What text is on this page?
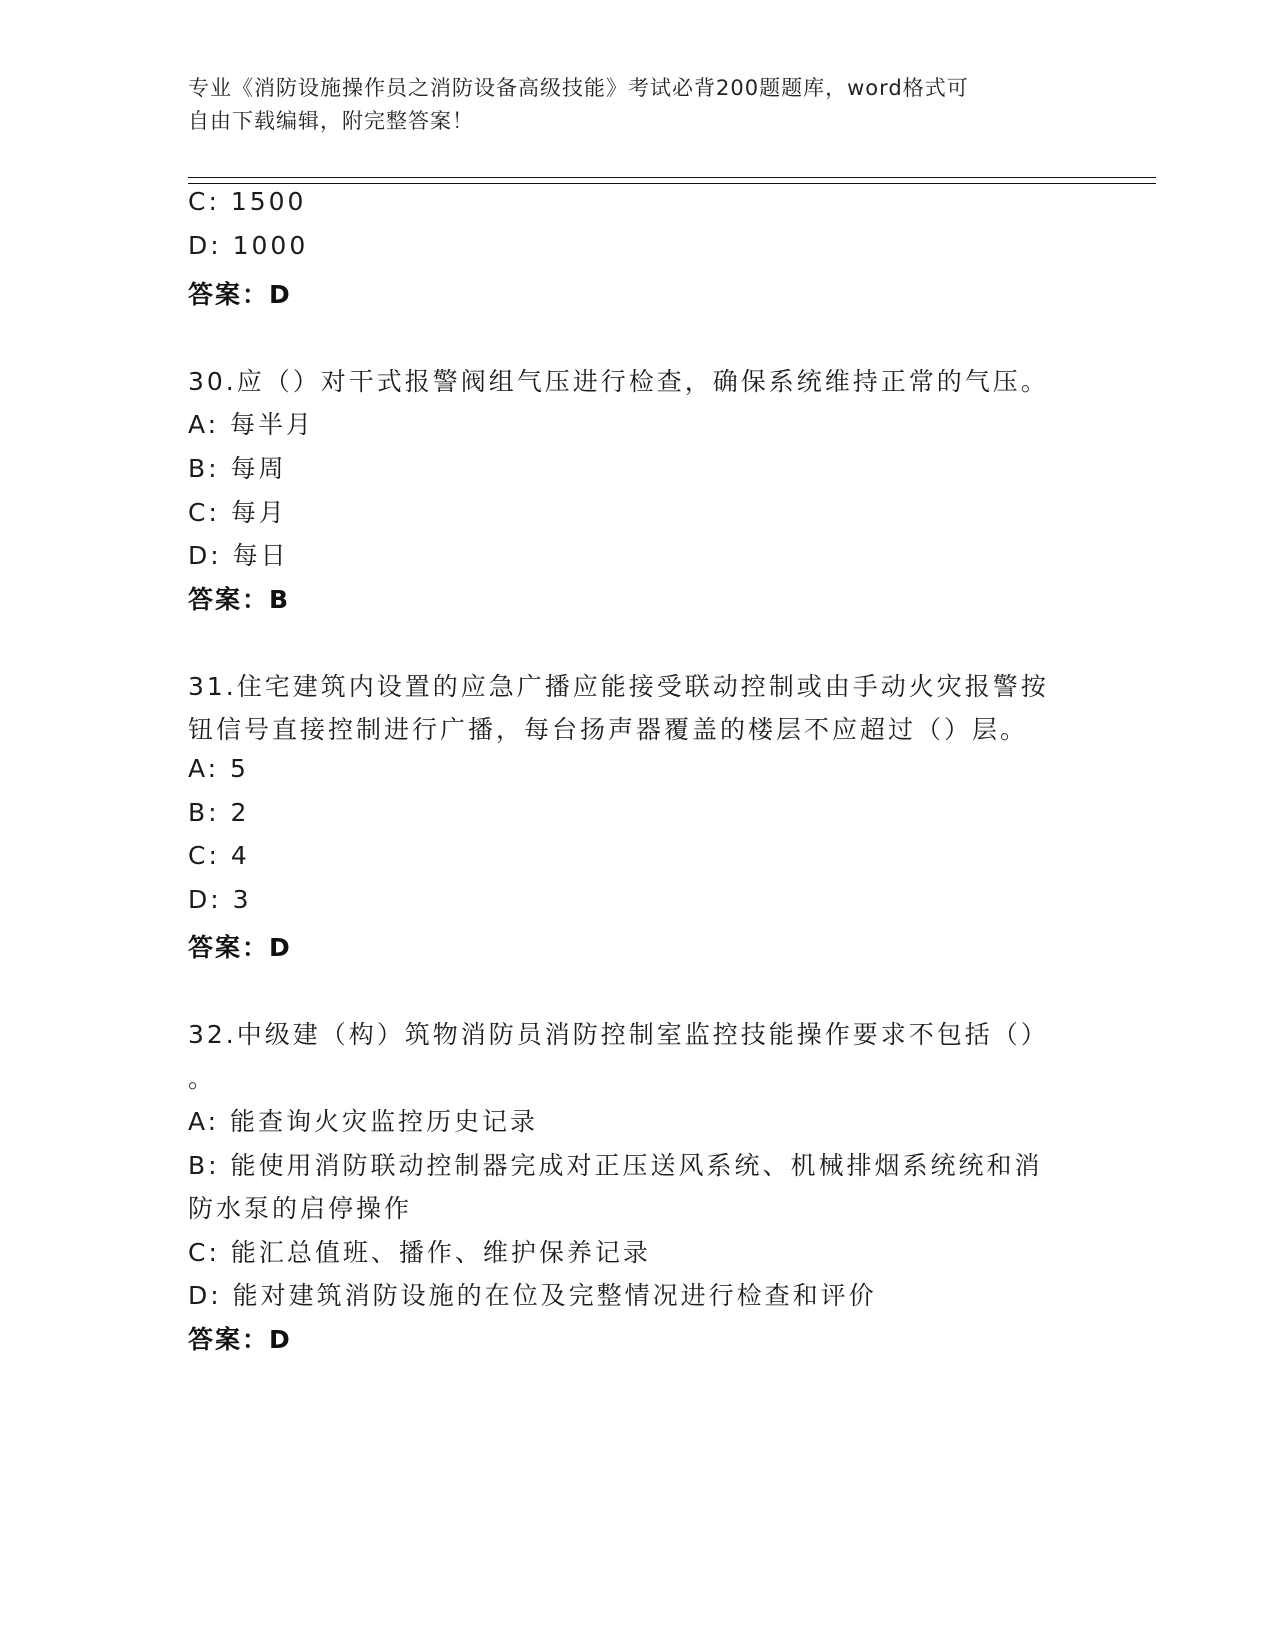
专业《消防设施操作员之消防设备高级技能》考试必背200题题库，word格式可
自由下载编辑，附完整答案！
C: 1500
D: 1000
答案：D
30.应（）对干式报警阀组气压进行检查，确保系统维持正常的气压。
A: 每半月
B: 每周
C: 每月
D: 每日
答案：B
31.住宅建筑内设置的应急广播应能接受联动控制或由手动火灾报警按
钮信号直接控制进行广播，每台扬声器覆盖的楼层不应超过（）层。
A: 5
B: 2
C: 4
D: 3
答案：D
32.中级建（构）筑物消防员消防控制室监控技能操作要求不包括（）
。
A: 能查询火灾监控历史记录
B: 能使用消防联动控制器完成对正压送风系统、机械排烟系统统和消
防水泵的启停操作
C: 能汇总值班、播作、维护保养记录
D: 能对建筑消防设施的在位及完整情况进行检查和评价
答案：D
